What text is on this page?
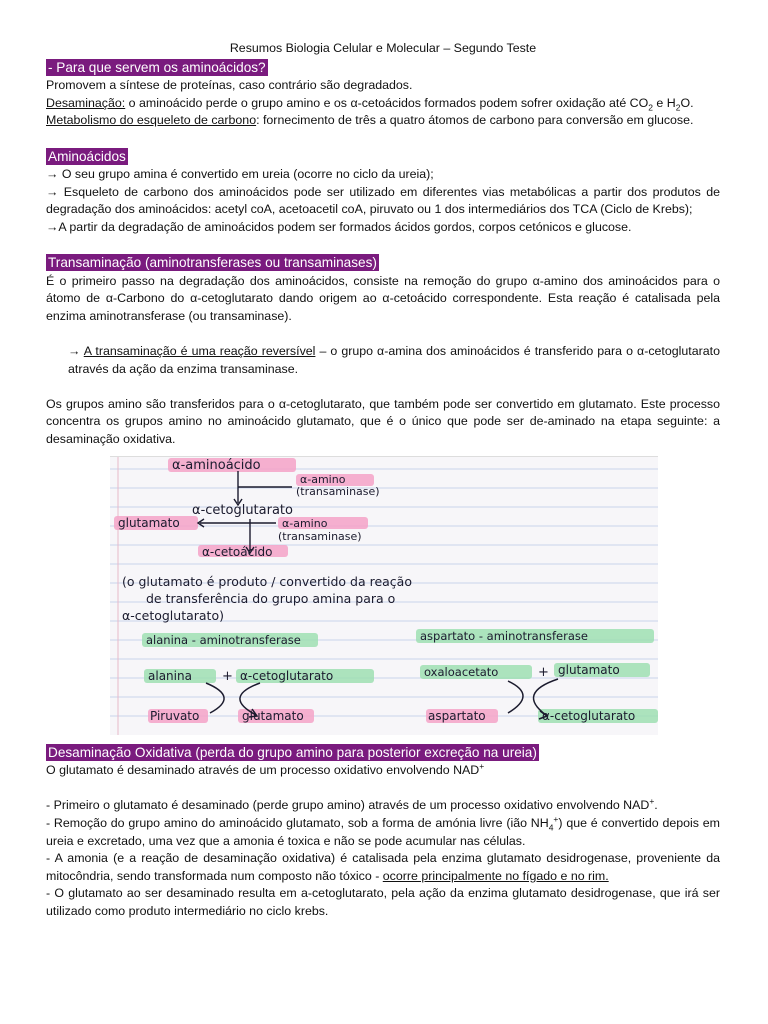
Resumos Biologia Celular e Molecular – Segundo Teste
- Para que servem os aminoácidos?

Promovem a síntese de proteínas, caso contrário são degradados.

Desaminação: o aminoácido perde o grupo amino e os α-cetoácidos formados podem sofrer oxidação até $CO_2$ e $H_2O$.

Metabolismo do esqueleto de carbono: fornecimento de três a quatro átomos de carbono para conversão em glucose.

Aminoácidos

→ O seu grupo amina é convertido em ureia (ocorre no ciclo da ureia);

→ Esqueleto de carbono dos aminoácidos pode ser utilizado em diferentes vias metabólicas a partir dos produtos de degradação dos aminoácidos: acetyl coA, acetoacetil coA, piruvato ou 1 dos intermediários dos TCA (Ciclo de Krebs);

→A partir da degradação de aminoácidos podem ser formados ácidos gordos, corpos cetónicos e glucose.

Transaminação (aminotransferases ou transaminases)

É o primeiro passo na degradação dos aminoácidos, consiste na remoção do grupo α-amino dos aminoácidos para o átomo de α-Carbono do α-cetoglutarato dando origem ao α-cetoácido correspondente. Esta reação é catalisada pela enzima aminotransferase (ou transaminase).

→ A transaminação é uma reação reversível – o grupo α-amina dos aminoácidos é transferido para o α-cetoglutarato através da ação da enzima transaminase.

Os grupos amino são transferidos para o α-cetoglutarato, que também pode ser convertido em glutamato. Este processo concentra os grupos amino no aminoácido glutamato, que é o único que pode ser de-aminado na etapa seguinte: a desaminação oxidativa.

α-aminoácido
α-amino
(transaminase)
α-cetoglutarato
glutamato	α-amino
(transaminase)
α-cetoácido
(o glutamato é produto / convertido da reação
de transferência do grupo amina para o
α-cetoglutarato)
alanina - aminotransferase	aspartato - aminotransferase
alanina + α-cetoglutarato	oxaloacetato	+ glutamato
Piruvato	glutamato	aspartato	α-cetoglutarato
Desaminação Oxidativa (perda do grupo amino para posterior excreção na ureia)

O glutamato é desaminado através de um processo oxidativo envolvendo NAD+

- Primeiro o glutamato é desaminado (perde grupo amino) através de um processo oxidativo envolvendo NAD+.

- Remoção do grupo amino do aminoácido glutamato, sob a forma de amónia livre (ião $NH_4^+$) que é convertido depois em ureia e excretado, uma vez que a amonia é toxica e não se pode acumular nas células.

- A amonia (e a reação de desaminação oxidativa) é catalisada pela enzima glutamato desidrogenase, proveniente da mitocôndria, sendo transformada num composto não tóxico - ocorre principalmente no fígado e no rim.

- O glutamato ao ser desaminado resulta em a-cetoglutarato, pela ação da enzima glutamato desidrogenase, que irá ser utilizado como produto intermediário no ciclo krebs.
